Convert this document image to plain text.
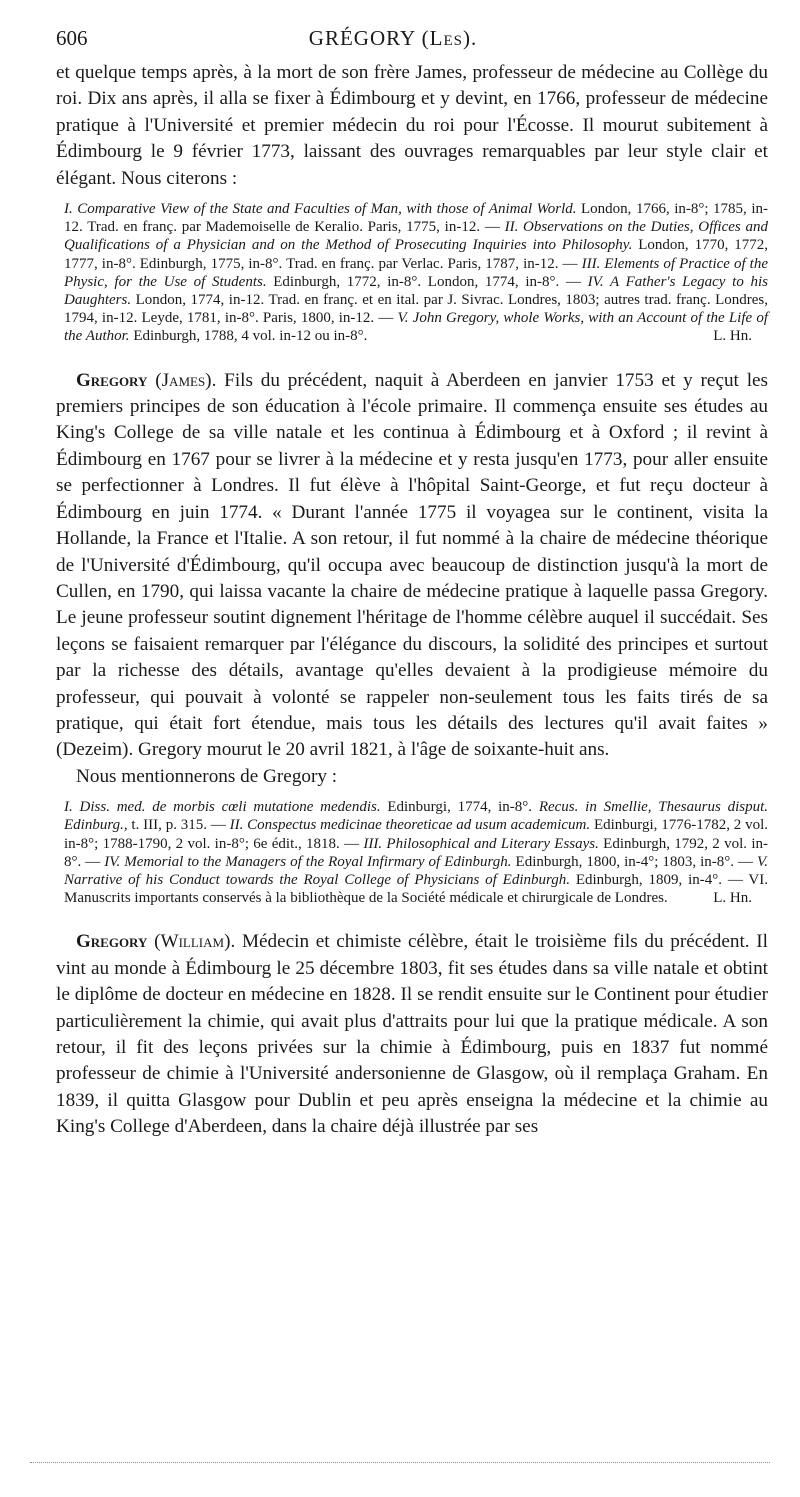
606	GRÉGORY (Les).

et quelque temps après, à la mort de son frère James, professeur de médecine au Collège du roi. Dix ans après, il alla se fixer à Édimbourg et y devint, en 1766, professeur de médecine pratique à l'Université et premier médecin du roi pour l'Écosse. Il mourut subitement à Édimbourg le 9 février 1773, laissant des ouvrages remarquables par leur style clair et élégant. Nous citerons :

I. Comparative View of the State and Faculties of Man, with those of Animal World. London, 1766, in-8°; 1785, in-12. Trad. en franç. par Mademoiselle de Keralio. Paris, 1775, in-12. — II. Observations on the Duties, Offices and Qualifications of a Physician and on the Method of Prosecuting Inquiries into Philosophy. London, 1770, 1772, 1777, in-8°. Edinburgh, 1775, in-8°. Trad. en franç. par Verlac. Paris, 1787, in-12. — III. Elements of Practice of the Physic, for the Use of Students. Edinburgh, 1772, in-8°. London, 1774, in-8°. — IV. A Father's Legacy to his Daughters. London, 1774, in-12. Trad. en franç. et en ital. par J. Sivrac. Londres, 1803; autres trad. franç. Londres, 1794, in-12. Leyde, 1781, in-8°. Paris, 1800, in-12. — V. John Gregory, whole Works, with an Account of the Life of the Author. Edinburgh, 1788, 4 vol. in-12 ou in-8°.	L. Hn.

Gregory (James). Fils du précédent, naquit à Aberdeen en janvier 1753 et y reçut les premiers principes de son éducation à l'école primaire. Il commença ensuite ses études au King's College de sa ville natale et les continua à Édimbourg et à Oxford ; il revint à Édimbourg en 1767 pour se livrer à la médecine et y resta jusqu'en 1773, pour aller ensuite se perfectionner à Londres. Il fut élève à l'hôpital Saint-George, et fut reçu docteur à Édimbourg en juin 1774. « Durant l'année 1775 il voyagea sur le continent, visita la Hollande, la France et l'Italie. A son retour, il fut nommé à la chaire de médecine théorique de l'Université d'Édimbourg, qu'il occupa avec beaucoup de distinction jusqu'à la mort de Cullen, en 1790, qui laissa vacante la chaire de médecine pratique à laquelle passa Gregory. Le jeune professeur soutint dignement l'héritage de l'homme célèbre auquel il succédait. Ses leçons se faisaient remarquer par l'élégance du discours, la solidité des principes et surtout par la richesse des détails, avantage qu'elles devaient à la prodigieuse mémoire du professeur, qui pouvait à volonté se rappeler non-seulement tous les faits tirés de sa pratique, qui était fort étendue, mais tous les détails des lectures qu'il avait faites » (Dezeim). Gregory mourut le 20 avril 1821, à l'âge de soixante-huit ans.

Nous mentionnerons de Gregory :

I. Diss. med. de morbis cœli mutatione medendis. Edinburgi, 1774, in-8°. Recus. in Smellie, Thesaurus disput. Edinburg., t. III, p. 315. — II. Conspectus medicinae theoreticae ad usum academicum. Edinburgi, 1776-1782, 2 vol. in-8°; 1788-1790, 2 vol. in-8°; 6e édit., 1818. — III. Philosophical and Literary Essays. Edinburgh, 1792, 2 vol. in-8°. — IV. Memorial to the Managers of the Royal Infirmary of Edinburgh. Edinburgh, 1800, in-4°; 1803, in-8°. — V. Narrative of his Conduct towards the Royal College of Physicians of Edinburgh. Edinburgh, 1809, in-4°. — VI. Manuscrits importants conservés à la bibliothèque de la Société médicale et chirurgicale de Londres.	L. Hn.

Gregory (William). Médecin et chimiste célèbre, était le troisième fils du précédent. Il vint au monde à Édimbourg le 25 décembre 1803, fit ses études dans sa ville natale et obtint le diplôme de docteur en médecine en 1828. Il se rendit ensuite sur le Continent pour étudier particulièrement la chimie, qui avait plus d'attraits pour lui que la pratique médicale. A son retour, il fit des leçons privées sur la chimie à Édimbourg, puis en 1837 fut nommé professeur de chimie à l'Université andersonienne de Glasgow, où il remplaça Graham. En 1839, il quitta Glasgow pour Dublin et peu après enseigna la médecine et la chimie au King's College d'Aberdeen, dans la chaire déjà illustrée par ses
